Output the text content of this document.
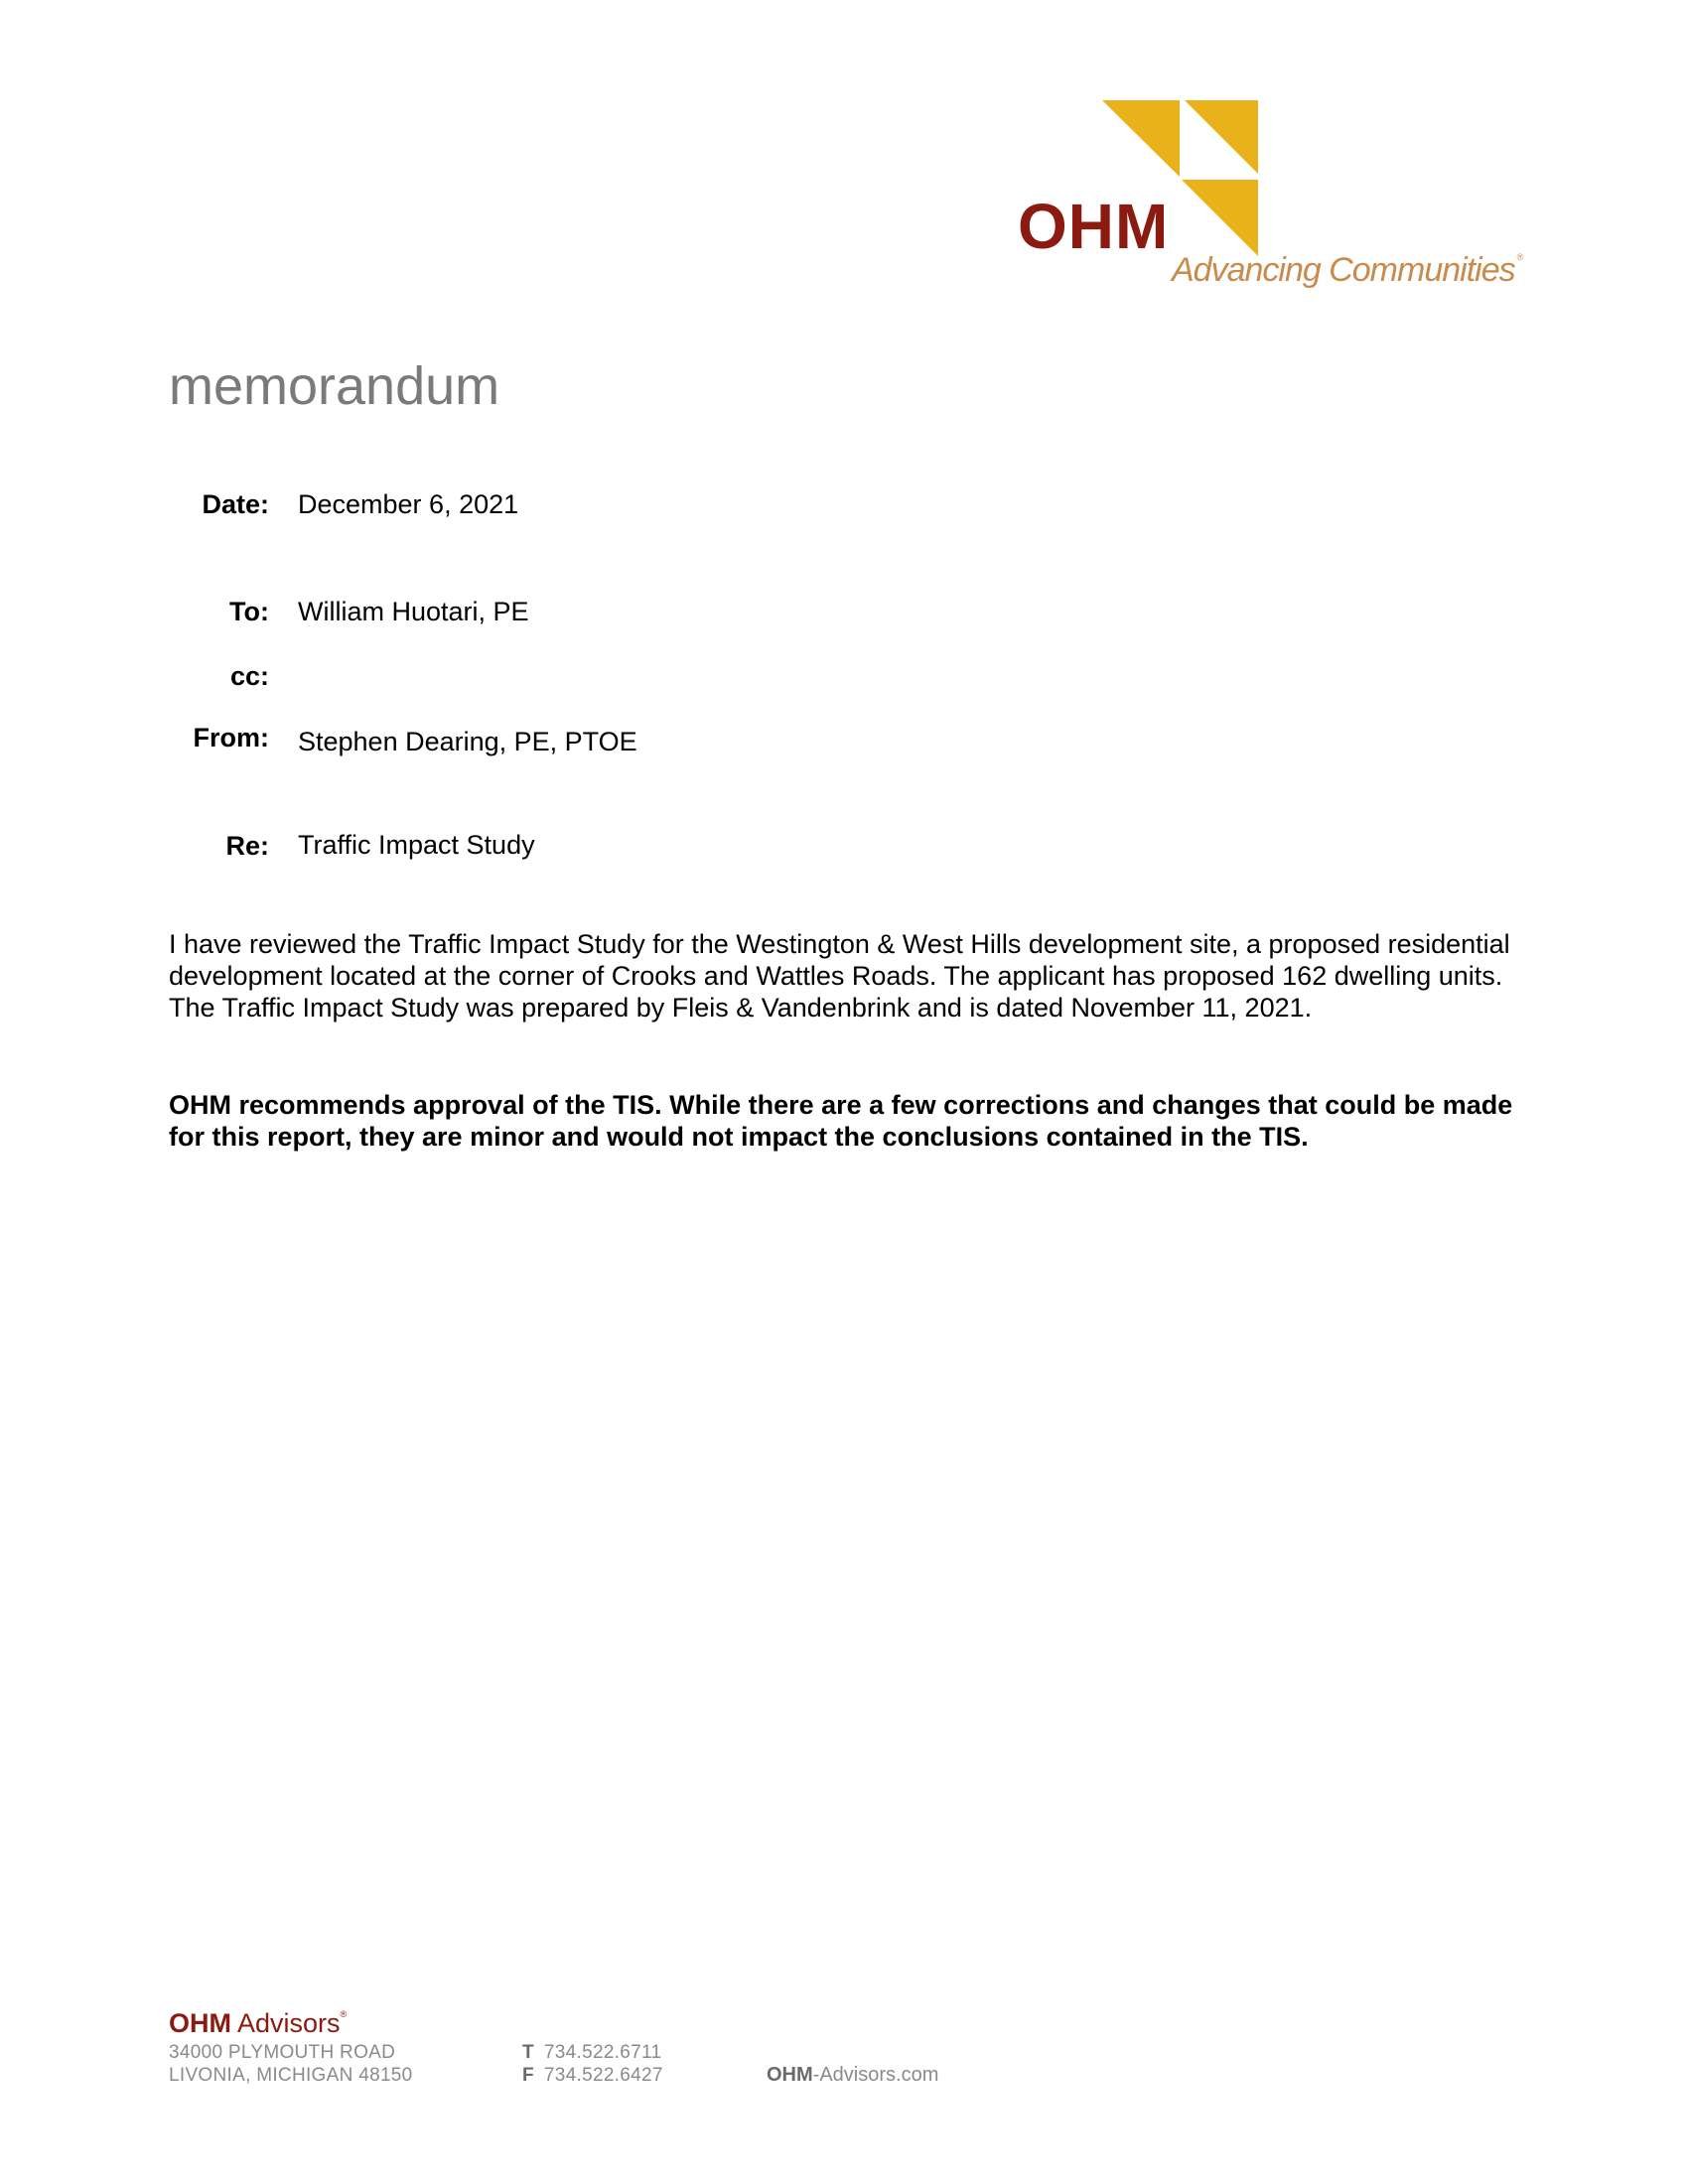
OHM
Advancing Communities ®
memorandum
Date: December 6, 2021
To: William Huotari, PE
cc:
From: Stephen Dearing, PE, PTOE
Re: Traffic Impact Study
I have reviewed the Traffic Impact Study for the Westington & West Hills development site, a proposed residential development located at the corner of Crooks and Wattles Roads. The applicant has proposed 162 dwelling units. The Traffic Impact Study was prepared by Fleis & Vandenbrink and is dated November 11, 2021.
OHM recommends approval of the TIS. While there are a few corrections and changes that could be made for this report, they are minor and would not impact the conclusions contained in the TIS.
OHM Advisors®
34000 PLYMOUTH ROAD
LIVONIA, MICHIGAN 48150
T 734.522.6711
F 734.522.6427	OHM-Advisors.com
